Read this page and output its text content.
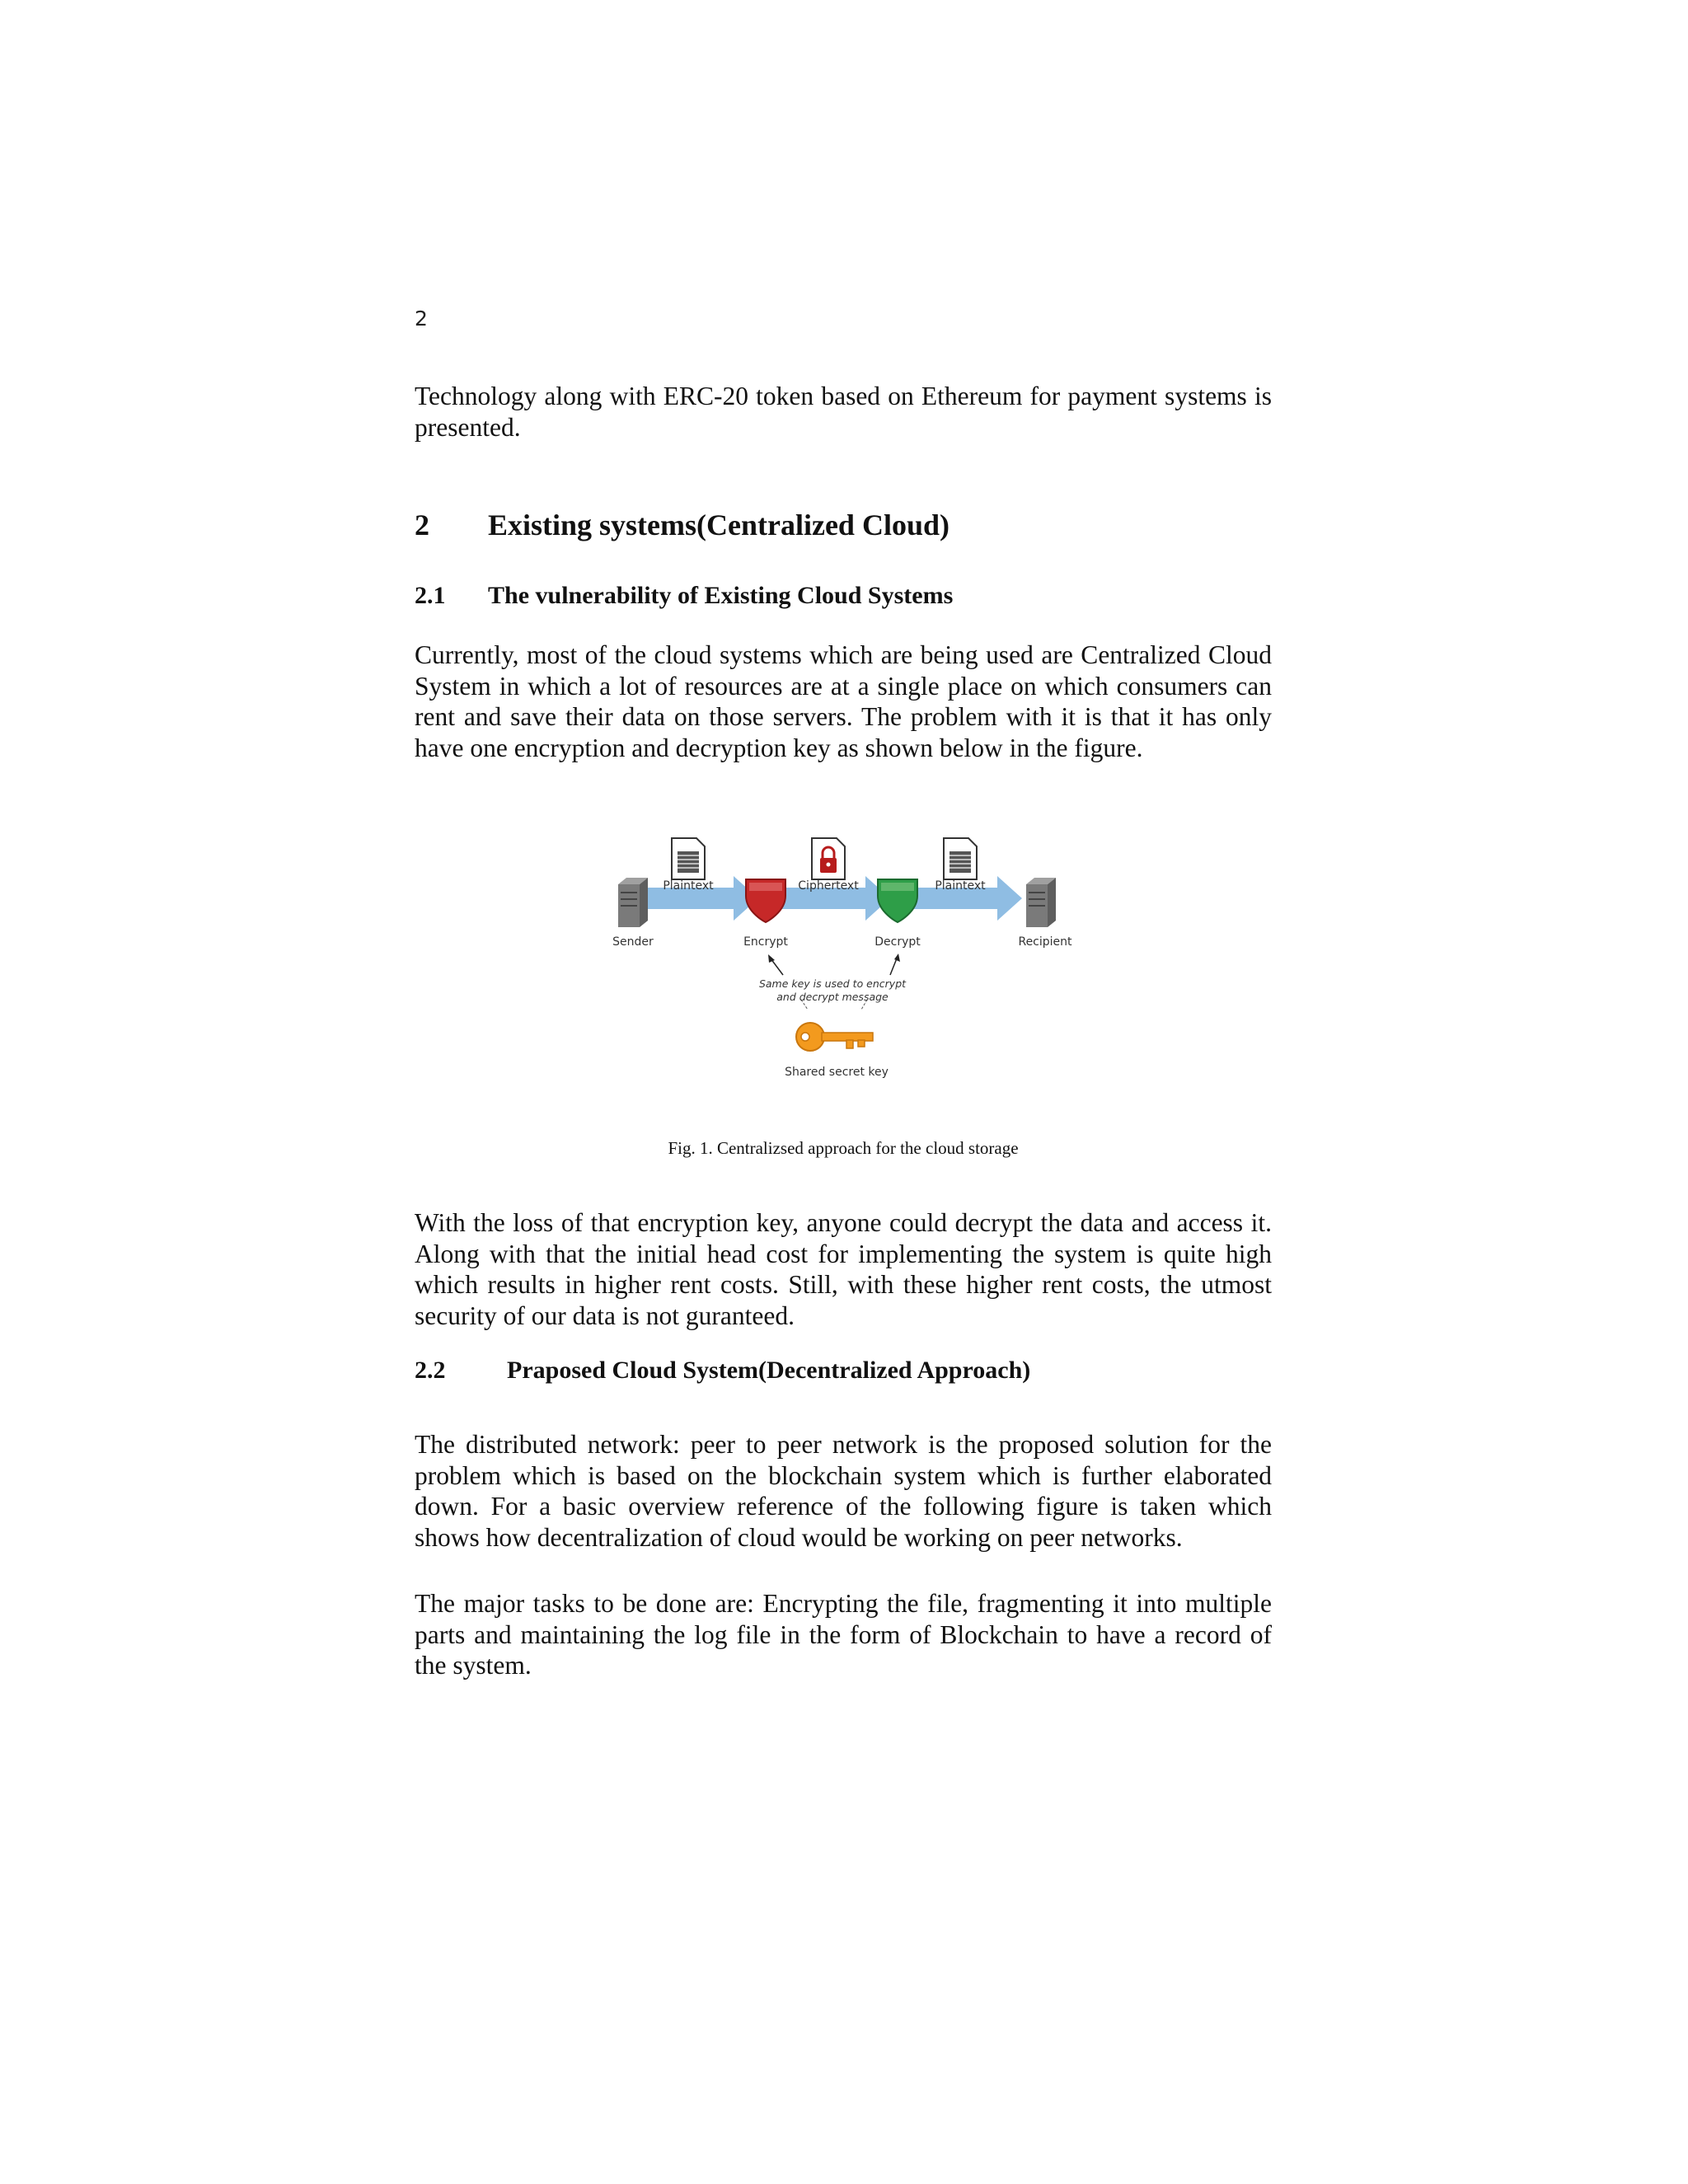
2

Technology along with ERC-20 token based on Ethereum for payment systems is presented.

2 Existing systems(Centralized Cloud)
2.1 The vulnerability of Existing Cloud Systems

Currently, most of the cloud systems which are being used are Centralized Cloud System in which a lot of resources are at a single place on which consumers can rent and save their data on those servers. The problem with it is that it has only have one encryption and decryption key as shown below in the figure.

Plaintext	Ciphertext	Plaintext
Sender	Encrypt	Decrypt	Recipient
Same key is used to encrypt
and decrypt message
Shared secret key
Fig. 1. Centralizsed approach for the cloud storage

With the loss of that encryption key, anyone could decrypt the data and access it. Along with that the initial head cost for implementing the system is quite high which results in higher rent costs. Still, with these higher rent costs, the utmost security of our data is not guranteed.

2.2 Praposed Cloud System(Decentralized Approach)

The distributed network: peer to peer network is the proposed solution for the problem which is based on the blockchain system which is further elaborated down. For a basic overview reference of the following figure is taken which shows how decentralization of cloud would be working on peer networks.

The major tasks to be done are: Encrypting the file, fragmenting it into multiple parts and maintaining the log file in the form of Blockchain to have a record of the system.
